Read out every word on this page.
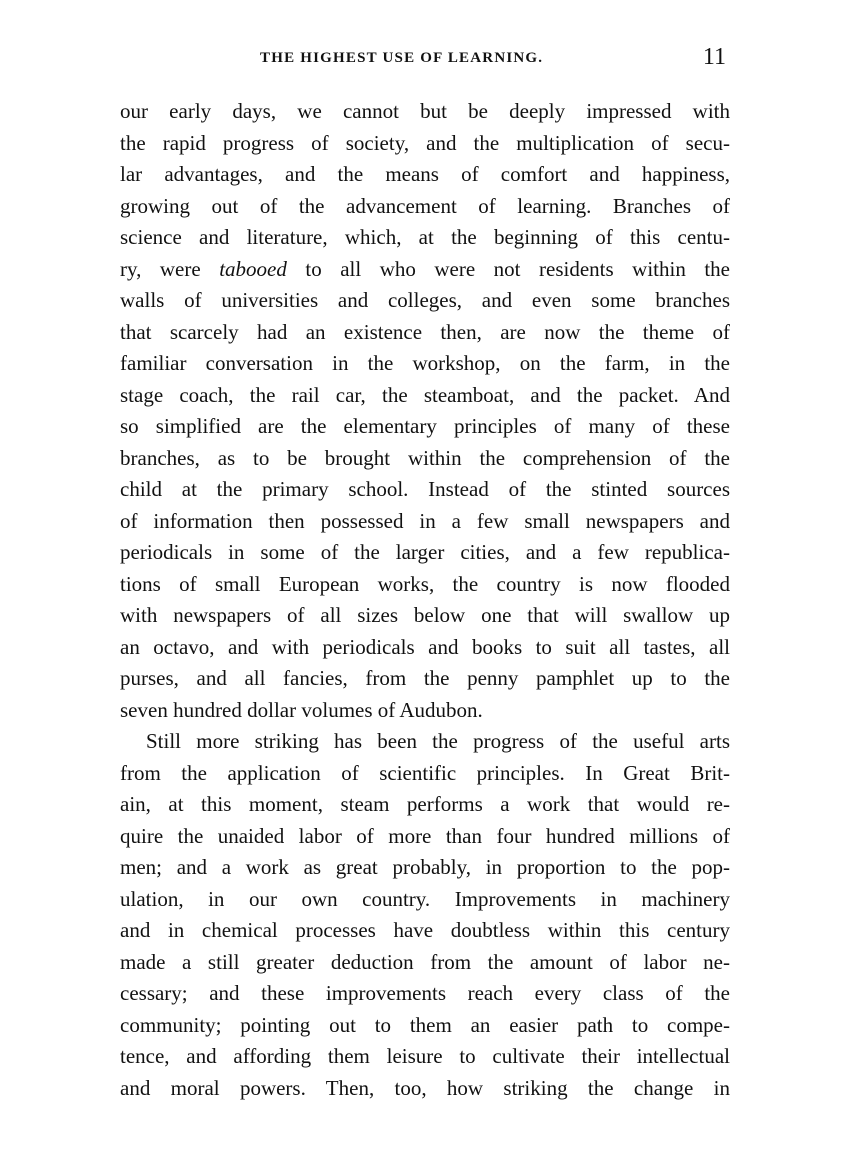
THE HIGHEST USE OF LEARNING.	11
our early days, we cannot but be deeply impressed with
the rapid progress of society, and the multiplication of secu-
lar advantages, and the means of comfort and happiness,
growing out of the advancement of learning. Branches of
science and literature, which, at the beginning of this centu-
ry, were tabooed to all who were not residents within the
walls of universities and colleges, and even some branches
that scarcely had an existence then, are now the theme of
familiar conversation in the workshop, on the farm, in the
stage coach, the rail car, the steamboat, and the packet. And
so simplified are the elementary principles of many of these
branches, as to be brought within the comprehension of the
child at the primary school. Instead of the stinted sources
of information then possessed in a few small newspapers and
periodicals in some of the larger cities, and a few republica-
tions of small European works, the country is now flooded
with newspapers of all sizes below one that will swallow up
an octavo, and with periodicals and books to suit all tastes, all
purses, and all fancies, from the penny pamphlet up to the
seven hundred dollar volumes of Audubon.
Still more striking has been the progress of the useful arts
from the application of scientific principles. In Great Brit-
ain, at this moment, steam performs a work that would re-
quire the unaided labor of more than four hundred millions of
men; and a work as great probably, in proportion to the pop-
ulation, in our own country. Improvements in machinery
and in chemical processes have doubtless within this century
made a still greater deduction from the amount of labor ne-
cessary; and these improvements reach every class of the
community; pointing out to them an easier path to compe-
tence, and affording them leisure to cultivate their intellectual
and moral powers. Then, too, how striking the change in
